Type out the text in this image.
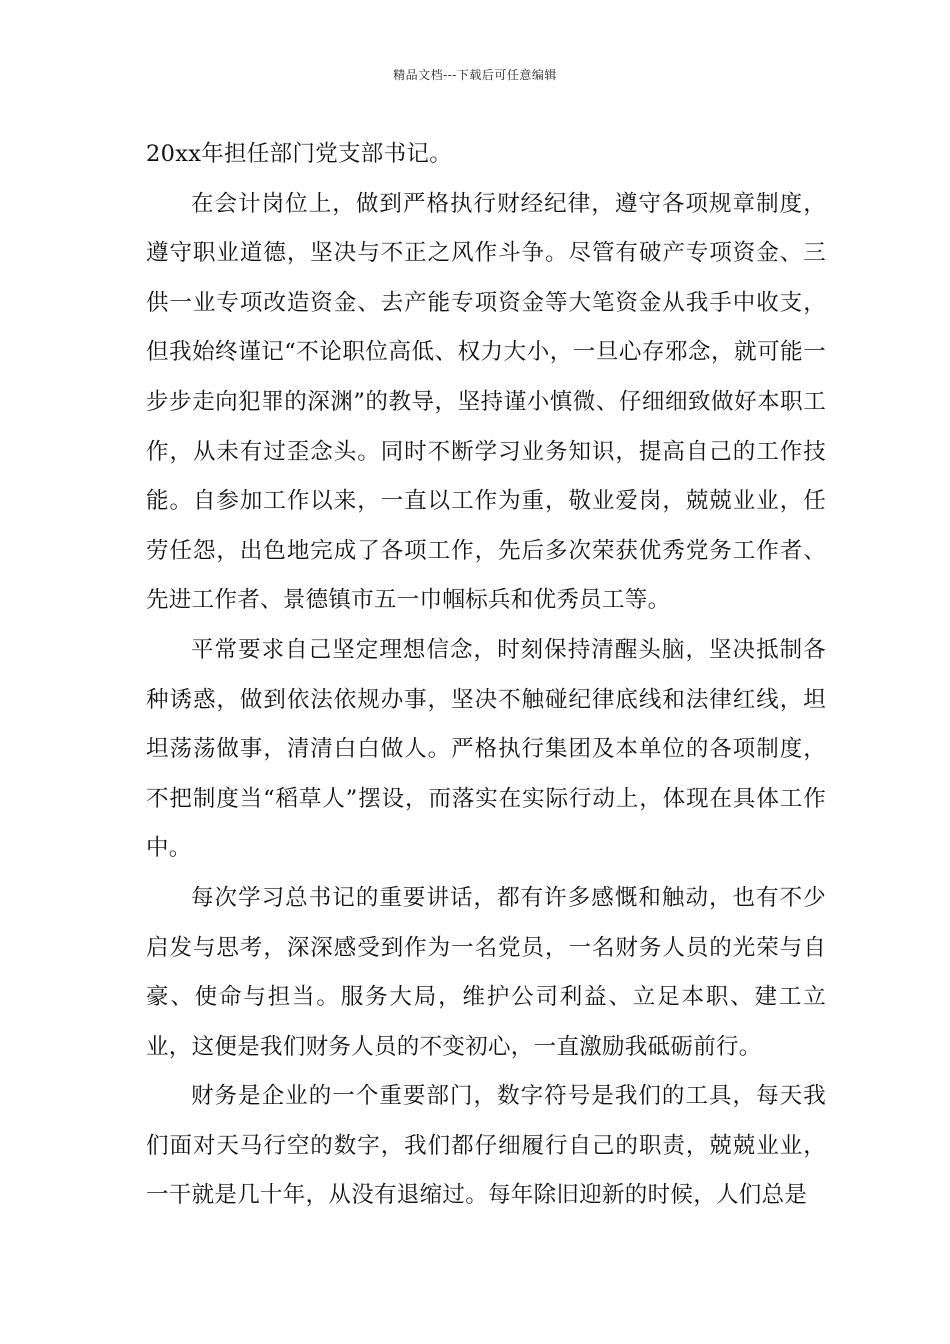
精品文档---下载后可任意编辑

20xx年担任部门党支部书记。

在会计岗位上，做到严格执行财经纪律，遵守各项规章制度，遵守职业道德，坚决与不正之风作斗争。尽管有破产专项资金、三供一业专项改造资金、去产能专项资金等大笔资金从我手中收支，但我始终谨记“不论职位高低、权力大小，一旦心存邪念，就可能一步步走向犯罪的深渊”的教导，坚持谨小慎微、仔细细致做好本职工作，从未有过歪念头。同时不断学习业务知识，提高自己的工作技能。自参加工作以来，一直以工作为重，敬业爱岗，兢兢业业，任劳任怨，出色地完成了各项工作，先后多次荣获优秀党务工作者、先进工作者、景德镇市五一巾帼标兵和优秀员工等。

平常要求自己坚定理想信念，时刻保持清醒头脑，坚决抵制各种诱惑，做到依法依规办事，坚决不触碰纪律底线和法律红线，坦坦荡荡做事，清清白白做人。严格执行集团及本单位的各项制度，不把制度当“稻草人”摆设，而落实在实际行动上，体现在具体工作中。

每次学习总书记的重要讲话，都有许多感慨和触动，也有不少启发与思考，深深感受到作为一名党员，一名财务人员的光荣与自豪、使命与担当。服务大局，维护公司利益、立足本职、建工立业，这便是我们财务人员的不变初心，一直激励我砥砺前行。

财务是企业的一个重要部门，数字符号是我们的工具，每天我们面对天马行空的数字，我们都仔细履行自己的职责，兢兢业业，一干就是几十年，从没有退缩过。每年除旧迎新的时候，人们总是
